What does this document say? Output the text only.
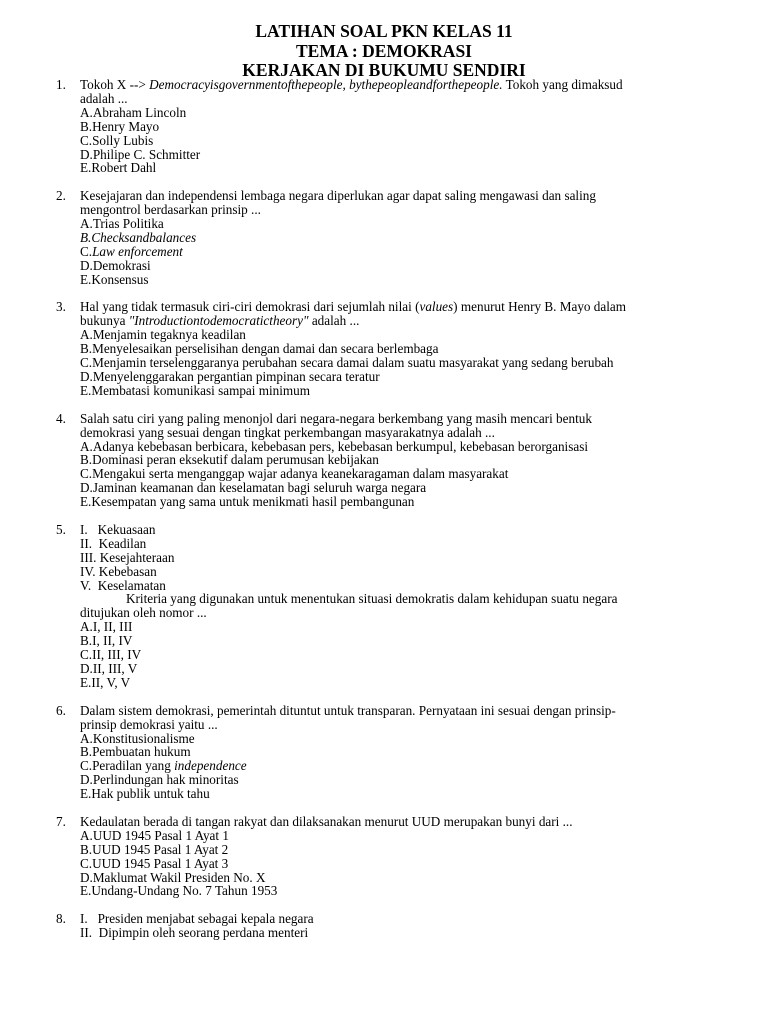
LATIHAN SOAL PKN KELAS 11
TEMA : DEMOKRASI
KERJAKAN DI BUKUMU SENDIRI
1. Tokoh X --> Democracyisgovernmentofthepeople, bythepeopleandforthepeople. Tokoh yang dimaksud
adalah ...
A.Abraham Lincoln
B.Henry Mayo
C.Solly Lubis
D.Philipe C. Schmitter
E.Robert Dahl
2. Kesejajaran dan independensi lembaga negara diperlukan agar dapat saling mengawasi dan saling
mengontrol berdasarkan prinsip ...
A.Trias Politika
B.Checksandbalances
C.Law enforcement
D.Demokrasi
E.Konsensus
3. Hal yang tidak termasuk ciri-ciri demokrasi dari sejumlah nilai (values) menurut Henry B. Mayo dalam
bukunya "Introductiontodemocratictheory" adalah ...
A.Menjamin tegaknya keadilan
B.Menyelesaikan perselisihan dengan damai dan secara berlembaga
C.Menjamin terselenggaranya perubahan secara damai dalam suatu masyarakat yang sedang berubah
D.Menyelenggarakan pergantian pimpinan secara teratur
E.Membatasi komunikasi sampai minimum
4. Salah satu ciri yang paling menonjol dari negara-negara berkembang yang masih mencari bentuk
demokrasi yang sesuai dengan tingkat perkembangan masyarakatnya adalah ...
A.Adanya kebebasan berbicara, kebebasan pers, kebebasan berkumpul, kebebasan berorganisasi
B.Dominasi peran eksekutif dalam perumusan kebijakan
C.Mengakui serta menganggap wajar adanya keanekaragaman dalam masyarakat
D.Jaminan keamanan dan keselamatan bagi seluruh warga negara
E.Kesempatan yang sama untuk menikmati hasil pembangunan
5. I.   Kekuasaan
II.  Keadilan
III. Kesejahteraan
IV. Kebebasan
V.  Keselamatan
Kriteria yang digunakan untuk menentukan situasi demokratis dalam kehidupan suatu negara
ditujukan oleh nomor ...
A.I, II, III
B.I, II, IV
C.II, III, IV
D.II, III, V
E.II, V, V
6. Dalam sistem demokrasi, pemerintah dituntut untuk transparan. Pernyataan ini sesuai dengan prinsip-
prinsip demokrasi yaitu ...
A.Konstitusionalisme
B.Pembuatan hukum
C.Peradilan yang independence
D.Perlindungan hak minoritas
E.Hak publik untuk tahu
7. Kedaulatan berada di tangan rakyat dan dilaksanakan menurut UUD merupakan bunyi dari ...
A.UUD 1945 Pasal 1 Ayat 1
B.UUD 1945 Pasal 1 Ayat 2
C.UUD 1945 Pasal 1 Ayat 3
D.Maklumat Wakil Presiden No. X
E.Undang-Undang No. 7 Tahun 1953
8. I.   Presiden menjabat sebagai kepala negara
II.  Dipimpin oleh seorang perdana menteri
